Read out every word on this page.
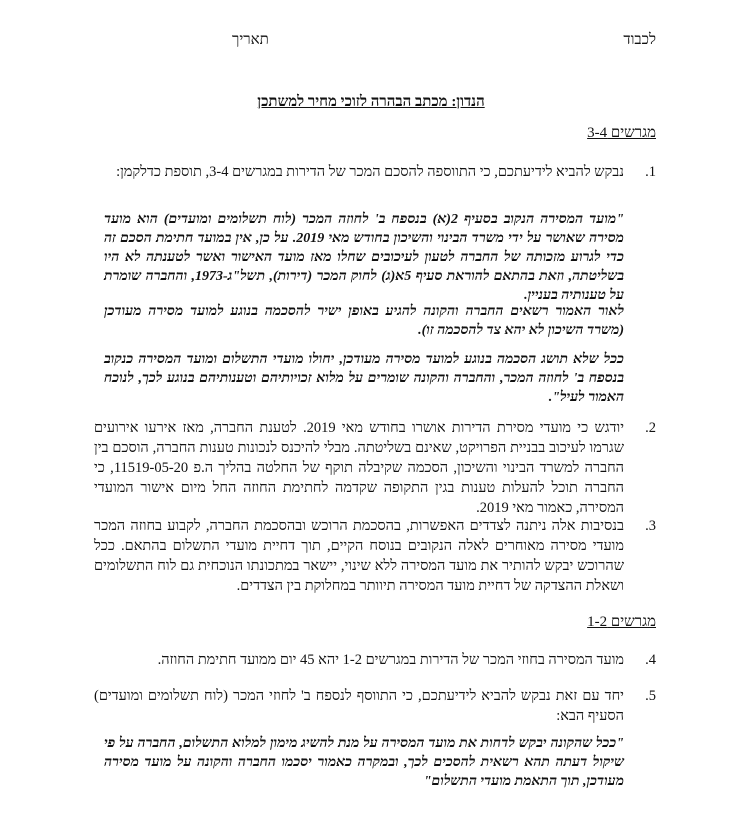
לכבוד
תאריך
הנדון: מכתב הבהרה לזוכי מחיר למשתכן
מגרשים 3-4
1.
נבקש להביא לידיעתכם, כי התווספה להסכם המכר של הדירות במגרשים 3-4, תוספת כדלקמן:
"מועד המסירה הנקוב בסעיף 2(א) בנספח ב' לחוזה המכר (לוח תשלומים ומועדים) הוא מועד מסירה שאושר על ידי משרד הבינוי והשיכון בחודש מאי 2019. על כן, אין במועד חתימת הסכם זה כדי לגרוע מזכותה של החברה לטעון לעיכובים שחלו מאז מועד האישור ואשר לטענתה לא היו בשליטתה, וזאת בהתאם להוראת סעיף 5א(ג) לחוק המכר (דירות), תשל"ג-1973, והחברה שומרת על טענותיה בעניין.
לאור האמור רשאים החברה והקונה להגיע באופן ישיר להסכמה בנוגע למועד מסירה מעודכן (משרד השיכון לא יהא צד להסכמה זו).
ככל שלא תושג הסכמה בנוגע למועד מסירה מעודכן, יחולו מועדי התשלום ומועד המסירה כנקוב בנספח ב' לחוזה המכר, והחברה והקונה שומרים על מלוא זכויותיהם וטענותיהם בנוגע לכך, לנוכח האמור לעיל".
2.
יודגש כי מועדי מסירת הדירות אושרו בחודש מאי 2019. לטענת החברה, מאז אירעו אירועים שגרמו לעיכוב בבניית הפרויקט, שאינם בשליטתה. מבלי להיכנס לנכונות טענות החברה, הוסכם בין החברה למשרד הבינוי והשיכון, הסכמה שקיבלה תוקף של החלטה בהליך ה.פ 11519-05-20, כי החברה תוכל להעלות טענות בגין התקופה שקדמה לחתימת החוזה החל מיום אישור המועדי המסירה, כאמור מאי 2019.
3.
בנסיבות אלה ניתנה לצדדים האפשרות, בהסכמת הרוכש ובהסכמת החברה, לקבוע בחוזה המכר מועדי מסירה מאוחרים לאלה הנקובים בנוסח הקיים, תוך דחיית מועדי התשלום בהתאם. ככל שהרוכש יבקש להותיר את מועד המסירה ללא שינוי, יישאר במתכונתו הנוכחית גם לוח התשלומים ושאלת ההצדקה של דחיית מועד המסירה תיוותר במחלוקת בין הצדדים.
מגרשים 1-2
4.
מועד המסירה בחוזי המכר של הדירות במגרשים 1-2 יהא 45 יום ממועד חתימת החוזה.
5.
יחד עם זאת נבקש להביא לידיעתכם, כי התווסף לנספח ב' לחוזי המכר (לוח תשלומים ומועדים) הסעיף הבא:
"ככל שהקונה יבקש לדחות את מועד המסירה על מנת להשיג מימון למלוא התשלום, החברה על פי שיקול דעתה תהא רשאית להסכים לכך, ובמקרה כאמור יסכמו החברה והקונה על מועד מסירה מעודכן, תוך התאמת מועדי התשלום"
